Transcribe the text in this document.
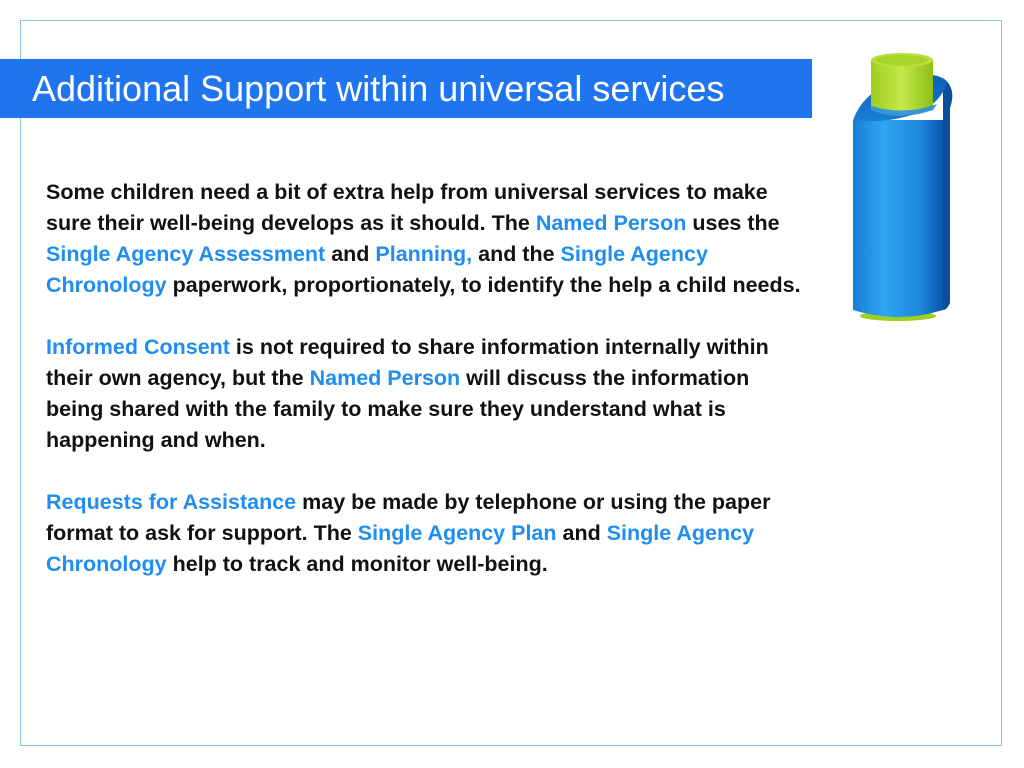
Additional Support within universal services

Some children need a bit of extra help from universal services to make sure their well-being develops as it should. The Named Person uses the Single Agency Assessment and Planning, and the Single Agency Chronology paperwork, proportionately, to identify the help a child needs.

Informed Consent is not required to share information internally within their own agency, but the Named Person will discuss the information being shared with the family to make sure they understand what is happening and when.

Requests for Assistance may be made by telephone or using the paper format to ask for support. The Single Agency Plan and Single Agency Chronology help to track and monitor well-being.
